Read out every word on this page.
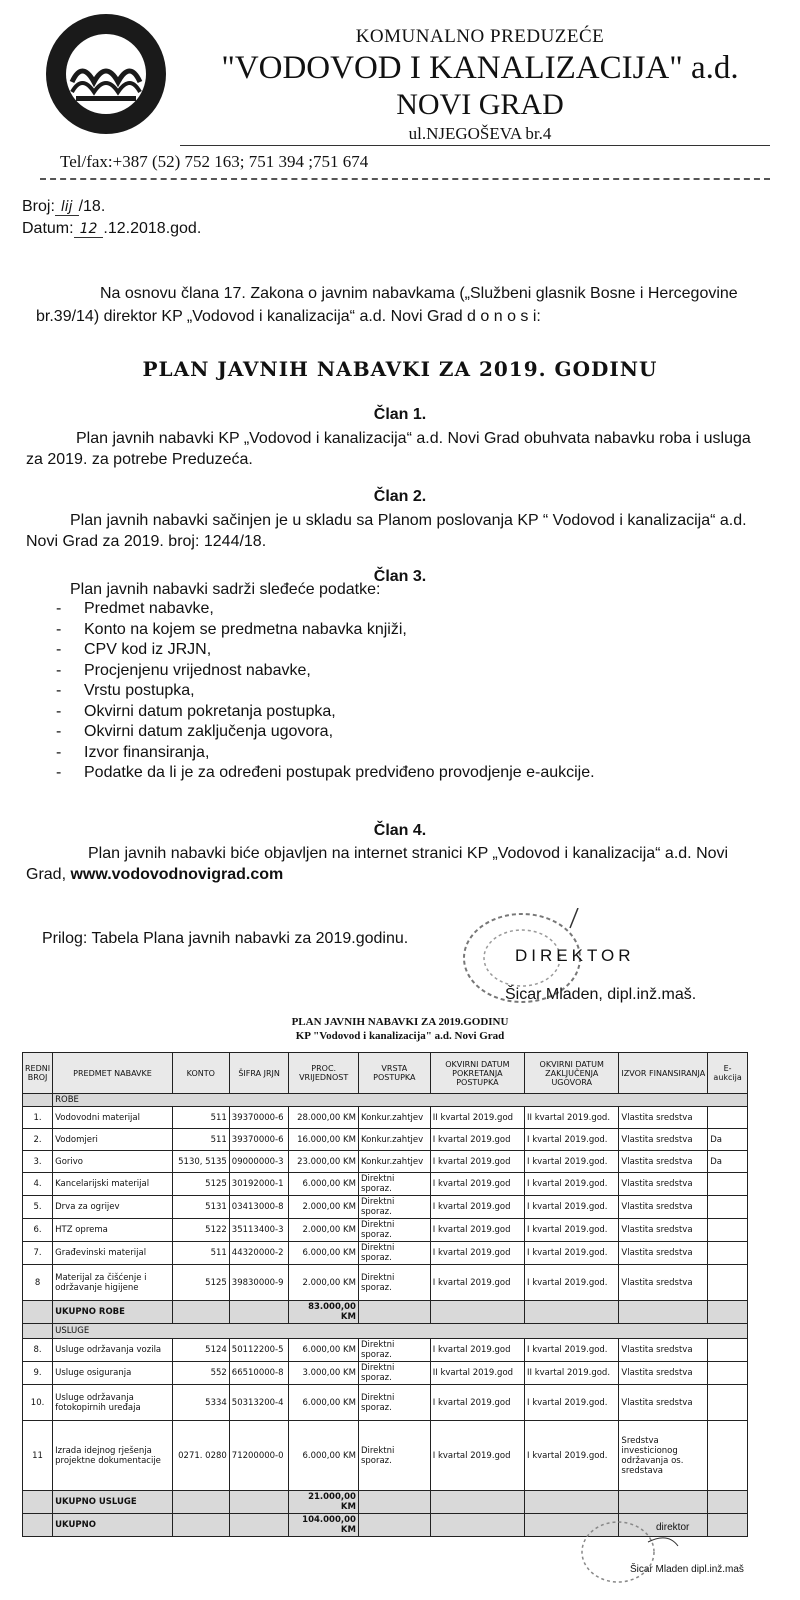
KOMUNALNO PREDUZEĆE
"VODOVOD I KANALIZACIJA" a.d.
NOVI GRAD
ul.NJEGOŠEVA br.4
Tel/fax:+387 (52) 752 163; 751 394 ;751 674
Broj: lij /18.
Datum: 12 .12.2018.god.
Na osnovu člana 17. Zakona o javnim nabavkama („Službeni glasnik Bosne i Hercegovine br.39/14) direktor KP „Vodovod i kanalizacija“ a.d. Novi Grad d o n o s i:
PLAN JAVNIH NABAVKI ZA 2019. GODINU
Član 1.
Plan javnih nabavki KP „Vodovod i kanalizacija“ a.d. Novi Grad obuhvata nabavku roba i usluga za 2019. za potrebe Preduzeća.
Član 2.
Plan javnih nabavki sačinjen je u skladu sa Planom poslovanja KP “ Vodovod i kanalizacija“ a.d. Novi Grad za 2019. broj: 1244/18.
Član 3.
Plan javnih nabavki sadrži sleđeće podatke:
- Predmet nabavke,
- Konto na kojem se predmetna nabavka knjiži,
- CPV kod iz JRJN,
- Procjenjenu vrijednost nabavke,
- Vrstu postupka,
- Okvirni datum pokretanja postupka,
- Okvirni datum zaključenja ugovora,
- Izvor finansiranja,
- Podatke da li je za određeni postupak predviđeno provodjenje e-aukcije.
Član 4.
Plan javnih nabavki biće objavljen na internet stranici KP „Vodovod i kanalizacija“ a.d. Novi Grad, www.vodovodnovigrad.com
Prilog: Tabela Plana javnih nabavki za 2019.godinu.
DIREKTOR
Šicar Mladen, dipl.inž.maš.
PLAN JAVNIH NABAVKI ZA 2019.GODINU
KP "Vodovod i kanalizacija" a.d. Novi Grad
REDNI BROJ	PREDMET NABAVKE	KONTO	ŠIFRA JRJN	PROC. VRIJEDNOST	VRSTA POSTUPKA	OKVIRNI DATUM POKRETANJA POSTUPKA	OKVIRNI DATUM ZAKLJUČENJA UGOVORA	IZVOR FINANSIRANJA	E-aukcija
	ROBE								
1.	Vodovodni materijal	511	39370000-6	28.000,00 KM	Konkur.zahtjev	II kvartal 2019.god	II kvartal 2019.god.	Vlastita sredstva	
2.	Vodomjeri	511	39370000-6	16.000,00 KM	Konkur.zahtjev	I kvartal 2019.god	I kvartal 2019.god.	Vlastita sredstva	Da
3.	Gorivo	5130, 5135	09000000-3	23.000,00 KM	Konkur.zahtjev	I kvartal 2019.god	I kvartal 2019.god.	Vlastita sredstva	Da
4.	Kancelarijski materijal	5125	30192000-1	6.000,00 KM	Direktni sporaz.	I kvartal 2019.god	I kvartal 2019.god.	Vlastita sredstva	
5.	Drva za ogrijev	5131	03413000-8	2.000,00 KM	Direktni sporaz.	I kvartal 2019.god	I kvartal 2019.god.	Vlastita sredstva	
6.	HTZ oprema	5122	35113400-3	2.000,00 KM	Direktni sporaz.	I kvartal 2019.god	I kvartal 2019.god.	Vlastita sredstva	
7.	Građevinski materijal	511	44320000-2	6.000,00 KM	Direktni sporaz.	I kvartal 2019.god	I kvartal 2019.god.	Vlastita sredstva	
8	Materijal za čišćenje i održavanje higijene	5125	39830000-9	2.000,00 KM	Direktni sporaz.	I kvartal 2019.god	I kvartal 2019.god.	Vlastita sredstva	
	UKUPNO ROBE			83.000,00 KM					
	USLUGE								
8.	Usluge održavanja vozila	5124	50112200-5	6.000,00 KM	Direktni sporaz.	I kvartal 2019.god	I kvartal 2019.god.	Vlastita sredstva	
9.	Usluge osiguranja	552	66510000-8	3.000,00 KM	Direktni sporaz.	II kvartal 2019.god	II kvartal 2019.god.	Vlastita sredstva	
10.	Usluge održavanja fotokopirnih uređaja	5334	50313200-4	6.000,00 KM	Direktni sporaz.	I kvartal 2019.god	I kvartal 2019.god.	Vlastita sredstva	
11	Izrada idejnog rješenja projektne dokumentacije	0271. 0280	71200000-0	6.000,00 KM	Direktni sporaz.	I kvartal 2019.god	I kvartal 2019.god.	Sredstva investicionog održavanja os. sredstava	
	UKUPNO USLUGE			21.000,00 KM					
	UKUPNO			104.000,00 KM						direktor
Šicar Mladen dipl.inž.maš
